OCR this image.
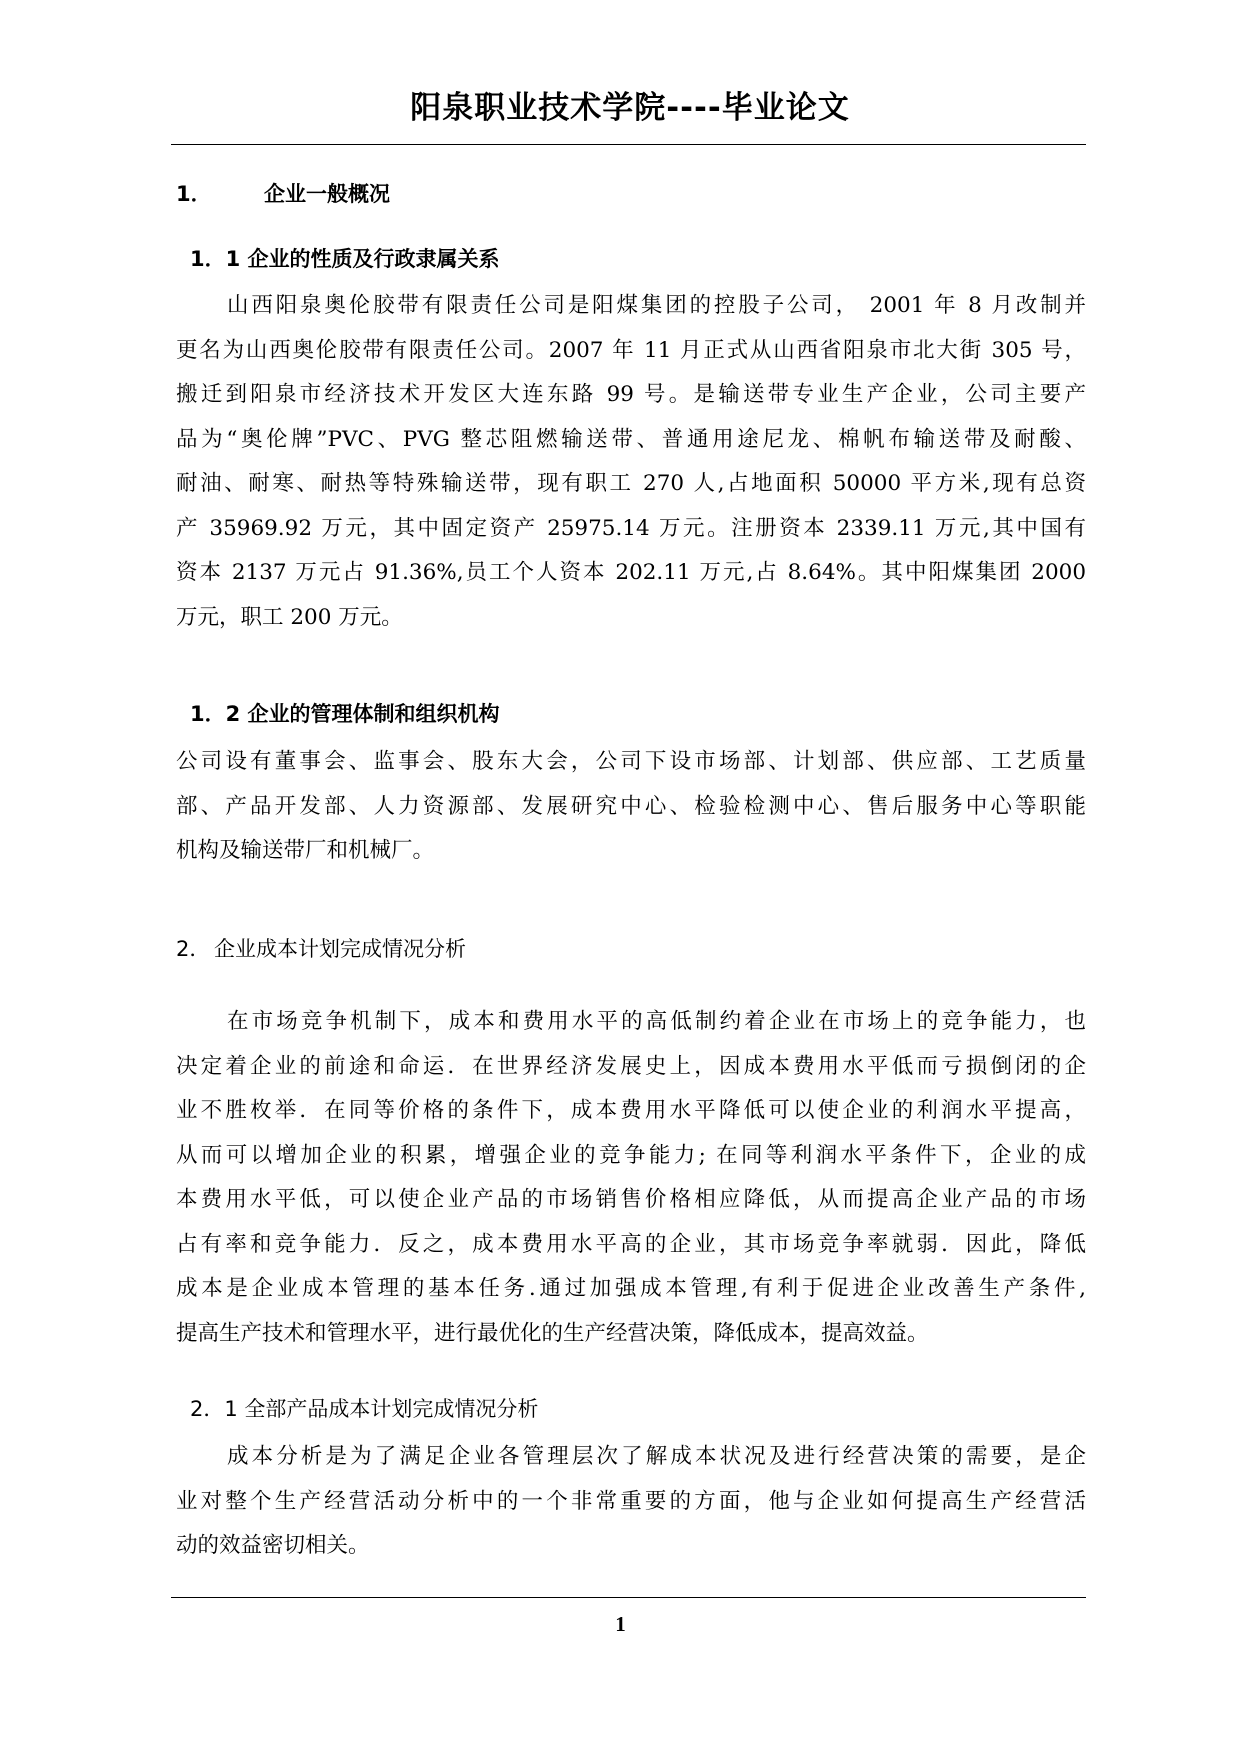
阳泉职业技术学院----毕业论文
1． 企业一般概况
1．1 企业的性质及行政隶属关系
山西阳泉奥伦胶带有限责任公司是阳煤集团的控股子公司， 2001 年 8 月改制并
更名为山西奥伦胶带有限责任公司。2007 年 11 月正式从山西省阳泉市北大街 305 号，
搬迁到阳泉市经济技术开发区大连东路 99 号。是输送带专业生产企业，公司主要产
品为“奥伦牌”PVC、PVG 整芯阻燃输送带、普通用途尼龙、棉帆布输送带及耐酸、
耐油、耐寒、耐热等特殊输送带，现有职工 270 人,占地面积 50000 平方米,现有总资
产 35969.92 万元，其中固定资产 25975.14 万元。注册资本 2339.11 万元,其中国有
资本 2137 万元占 91.36%,员工个人资本 202.11 万元,占 8.64%。其中阳煤集团 2000
万元，职工 200 万元。
1．2 企业的管理体制和组织机构
公司设有董事会、监事会、股东大会，公司下设市场部、计划部、供应部、工艺质量
部、产品开发部、人力资源部、发展研究中心、检验检测中心、售后服务中心等职能
机构及输送带厂和机械厂。
2． 企业成本计划完成情况分析
在市场竞争机制下，成本和费用水平的高低制约着企业在市场上的竞争能力，也
决定着企业的前途和命运．在世界经济发展史上，因成本费用水平低而亏损倒闭的企
业不胜枚举．在同等价格的条件下，成本费用水平降低可以使企业的利润水平提高，
从而可以增加企业的积累，增强企业的竞争能力; 在同等利润水平条件下，企业的成
本费用水平低，可以使企业产品的市场销售价格相应降低，从而提高企业产品的市场
占有率和竞争能力．反之，成本费用水平高的企业，其市场竞争率就弱．因此，降低
成本是企业成本管理的基本任务.通过加强成本管理,有利于促进企业改善生产条件,
提高生产技术和管理水平，进行最优化的生产经营决策，降低成本，提高效益。
2．1 全部产品成本计划完成情况分析
成本分析是为了满足企业各管理层次了解成本状况及进行经营决策的需要，是企
业对整个生产经营活动分析中的一个非常重要的方面，他与企业如何提高生产经营活
动的效益密切相关。
1
